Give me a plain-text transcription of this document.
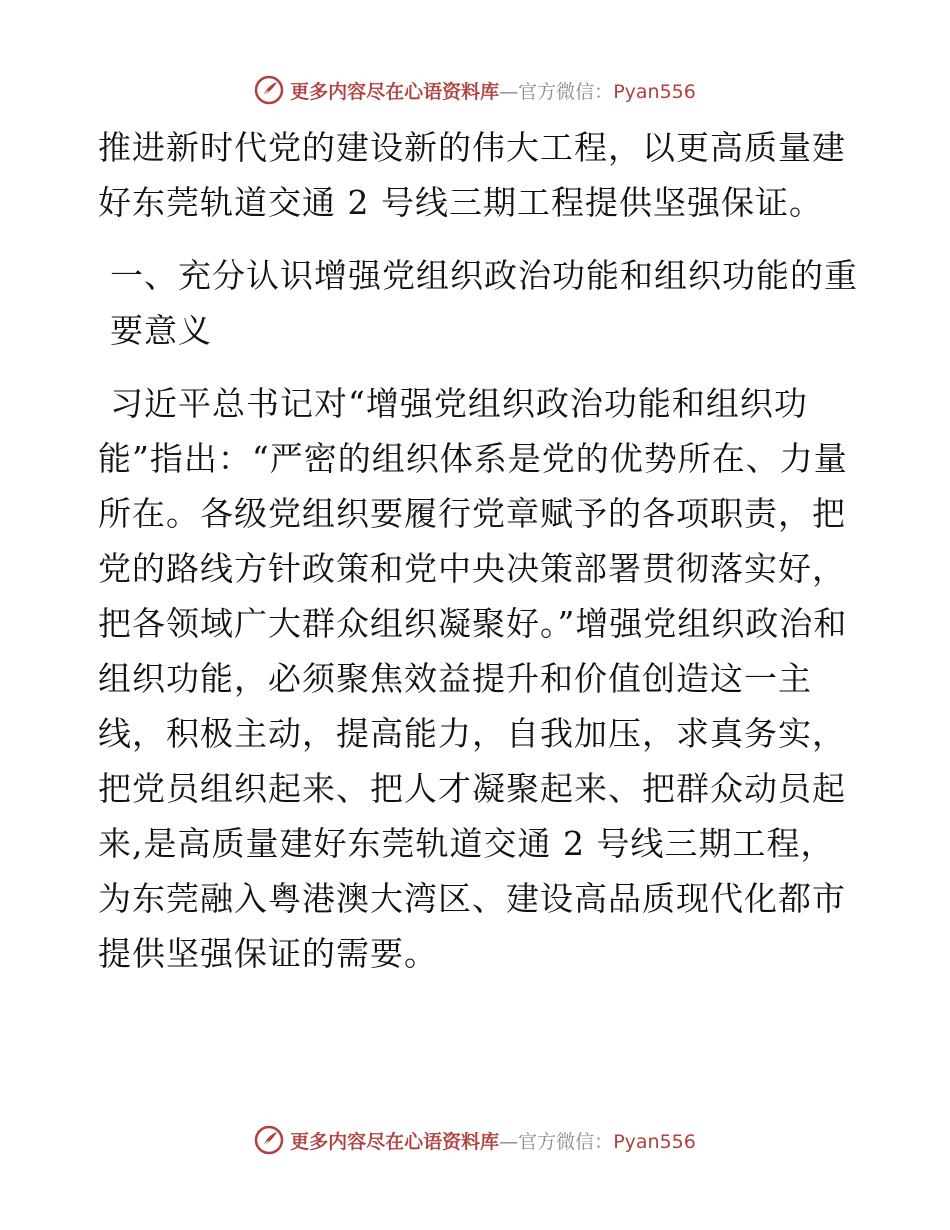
更多内容尽在心语资料库—官方微信：Pyan556

推进新时代党的建设新的伟大工程，以更高质量建好东莞轨道交通 2 号线三期工程提供坚强保证。

一、充分认识增强党组织政治功能和组织功能的重要意义

习近平总书记对“增强党组织政治功能和组织功能”指出：“严密的组织体系是党的优势所在、力量所在。各级党组织要履行党章赋予的各项职责，把党的路线方针政策和党中央决策部署贯彻落实好，把各领域广大群众组织凝聚好。”增强党组织政治和组织功能，必须聚焦效益提升和价值创造这一主线，积极主动，提高能力，自我加压，求真务实，把党员组织起来、把人才凝聚起来、把群众动员起来,是高质量建好东莞轨道交通 2 号线三期工程，为东莞融入粤港澳大湾区、建设高品质现代化都市提供坚强保证的需要。

更多内容尽在心语资料库—官方微信：Pyan556
